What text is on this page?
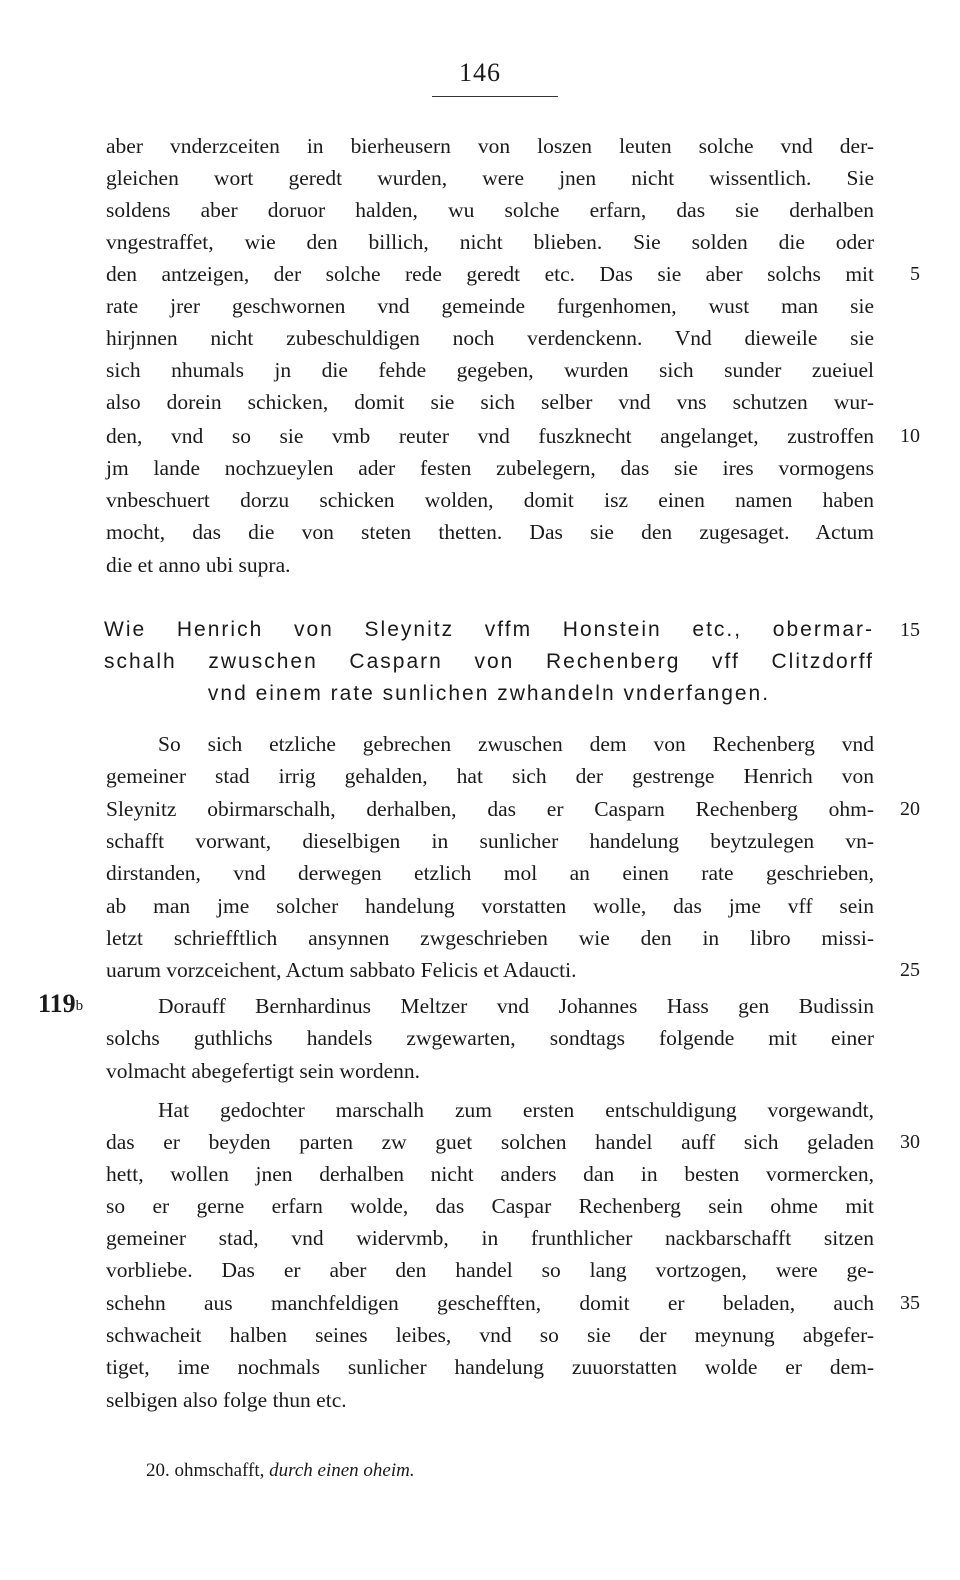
146
aber vnderzceiten in bierheusern von loszen leuten solche vnd der-
gleichen wort geredt wurden, were jnen nicht wissentlich. Sie
soldens aber doruor halden, wu solche erfarn, das sie derhalben
vngestraffet, wie den billich, nicht blieben. Sie solden die oder
den antzeigen, der solche rede geredt etc. Das sie aber solchs mit
rate jrer geschwornen vnd gemeinde furgenhomen, wust man sie
hirjnnen nicht zubeschuldigen noch verdenckenn. Vnd dieweile sie
sich nhumals jn die fehde gegeben, wurden sich sunder zueiuel
also dorein schicken, domit sie sich selber vnd vns schutzen wur-
den, vnd so sie vmb reuter vnd fuszknecht angelanget, zustroffen
jm lande nochzueylen ader festen zubelegern, das sie ires vormogens
vnbeschuert dorzu schicken wolden, domit isz einen namen haben
mocht, das die von steten thetten. Das sie den zugesaget. Actum
die et anno ubi supra.
Wie Henrich von Sleynitz vffm Honstein etc., obermar-
schalh zwuschen Casparn von Rechenberg vff Clitzdorff
vnd einem rate sunlichen zwhandeln vnderfangen.
So sich etzliche gebrechen zwuschen dem von Rechenberg vnd
gemeiner stad irrig gehalden, hat sich der gestrenge Henrich von
Sleynitz obirmarschalh, derhalben, das er Casparn Rechenberg ohm-
schafft vorwant, dieselbigen in sunlicher handelung beytzulegen vn-
dirstanden, vnd derwegen etzlich mol an einen rate geschrieben,
ab man jme solcher handelung vorstatten wolle, das jme vff sein
letzt schriefftlich ansynnen zwgeschrieben wie den in libro missi-
uarum vorzceichent, Actum sabbato Felicis et Adaucti.
Dorauff Bernhardinus Meltzer vnd Johannes Hass gen Budissin
solchs guthlichs handels zwgewarten, sondtags folgende mit einer
volmacht abegefertigt sein wordenn.
Hat gedochter marschalh zum ersten entschuldigung vorgewandt,
das er beyden parten zw guet solchen handel auff sich geladen
hett, wollen jnen derhalben nicht anders dan in besten vormercken,
so er gerne erfarn wolde, das Caspar Rechenberg sein ohme mit
gemeiner stad, vnd widervmb, in frunthlicher nackbarschafft sitzen
vorbliebe. Das er aber den handel so lang vortzogen, were ge-
schehn aus manchfeldigen geschefften, domit er beladen, auch
schwacheit halben seines leibes, vnd so sie der meynung abgefer-
tiget, ime nochmals sunlicher handelung zuuorstatten wolde er dem-
selbigen also folge thun etc.
5
10
15
20
25
30
35
119$^b$
20. ohmschafft, durch einen oheim.
